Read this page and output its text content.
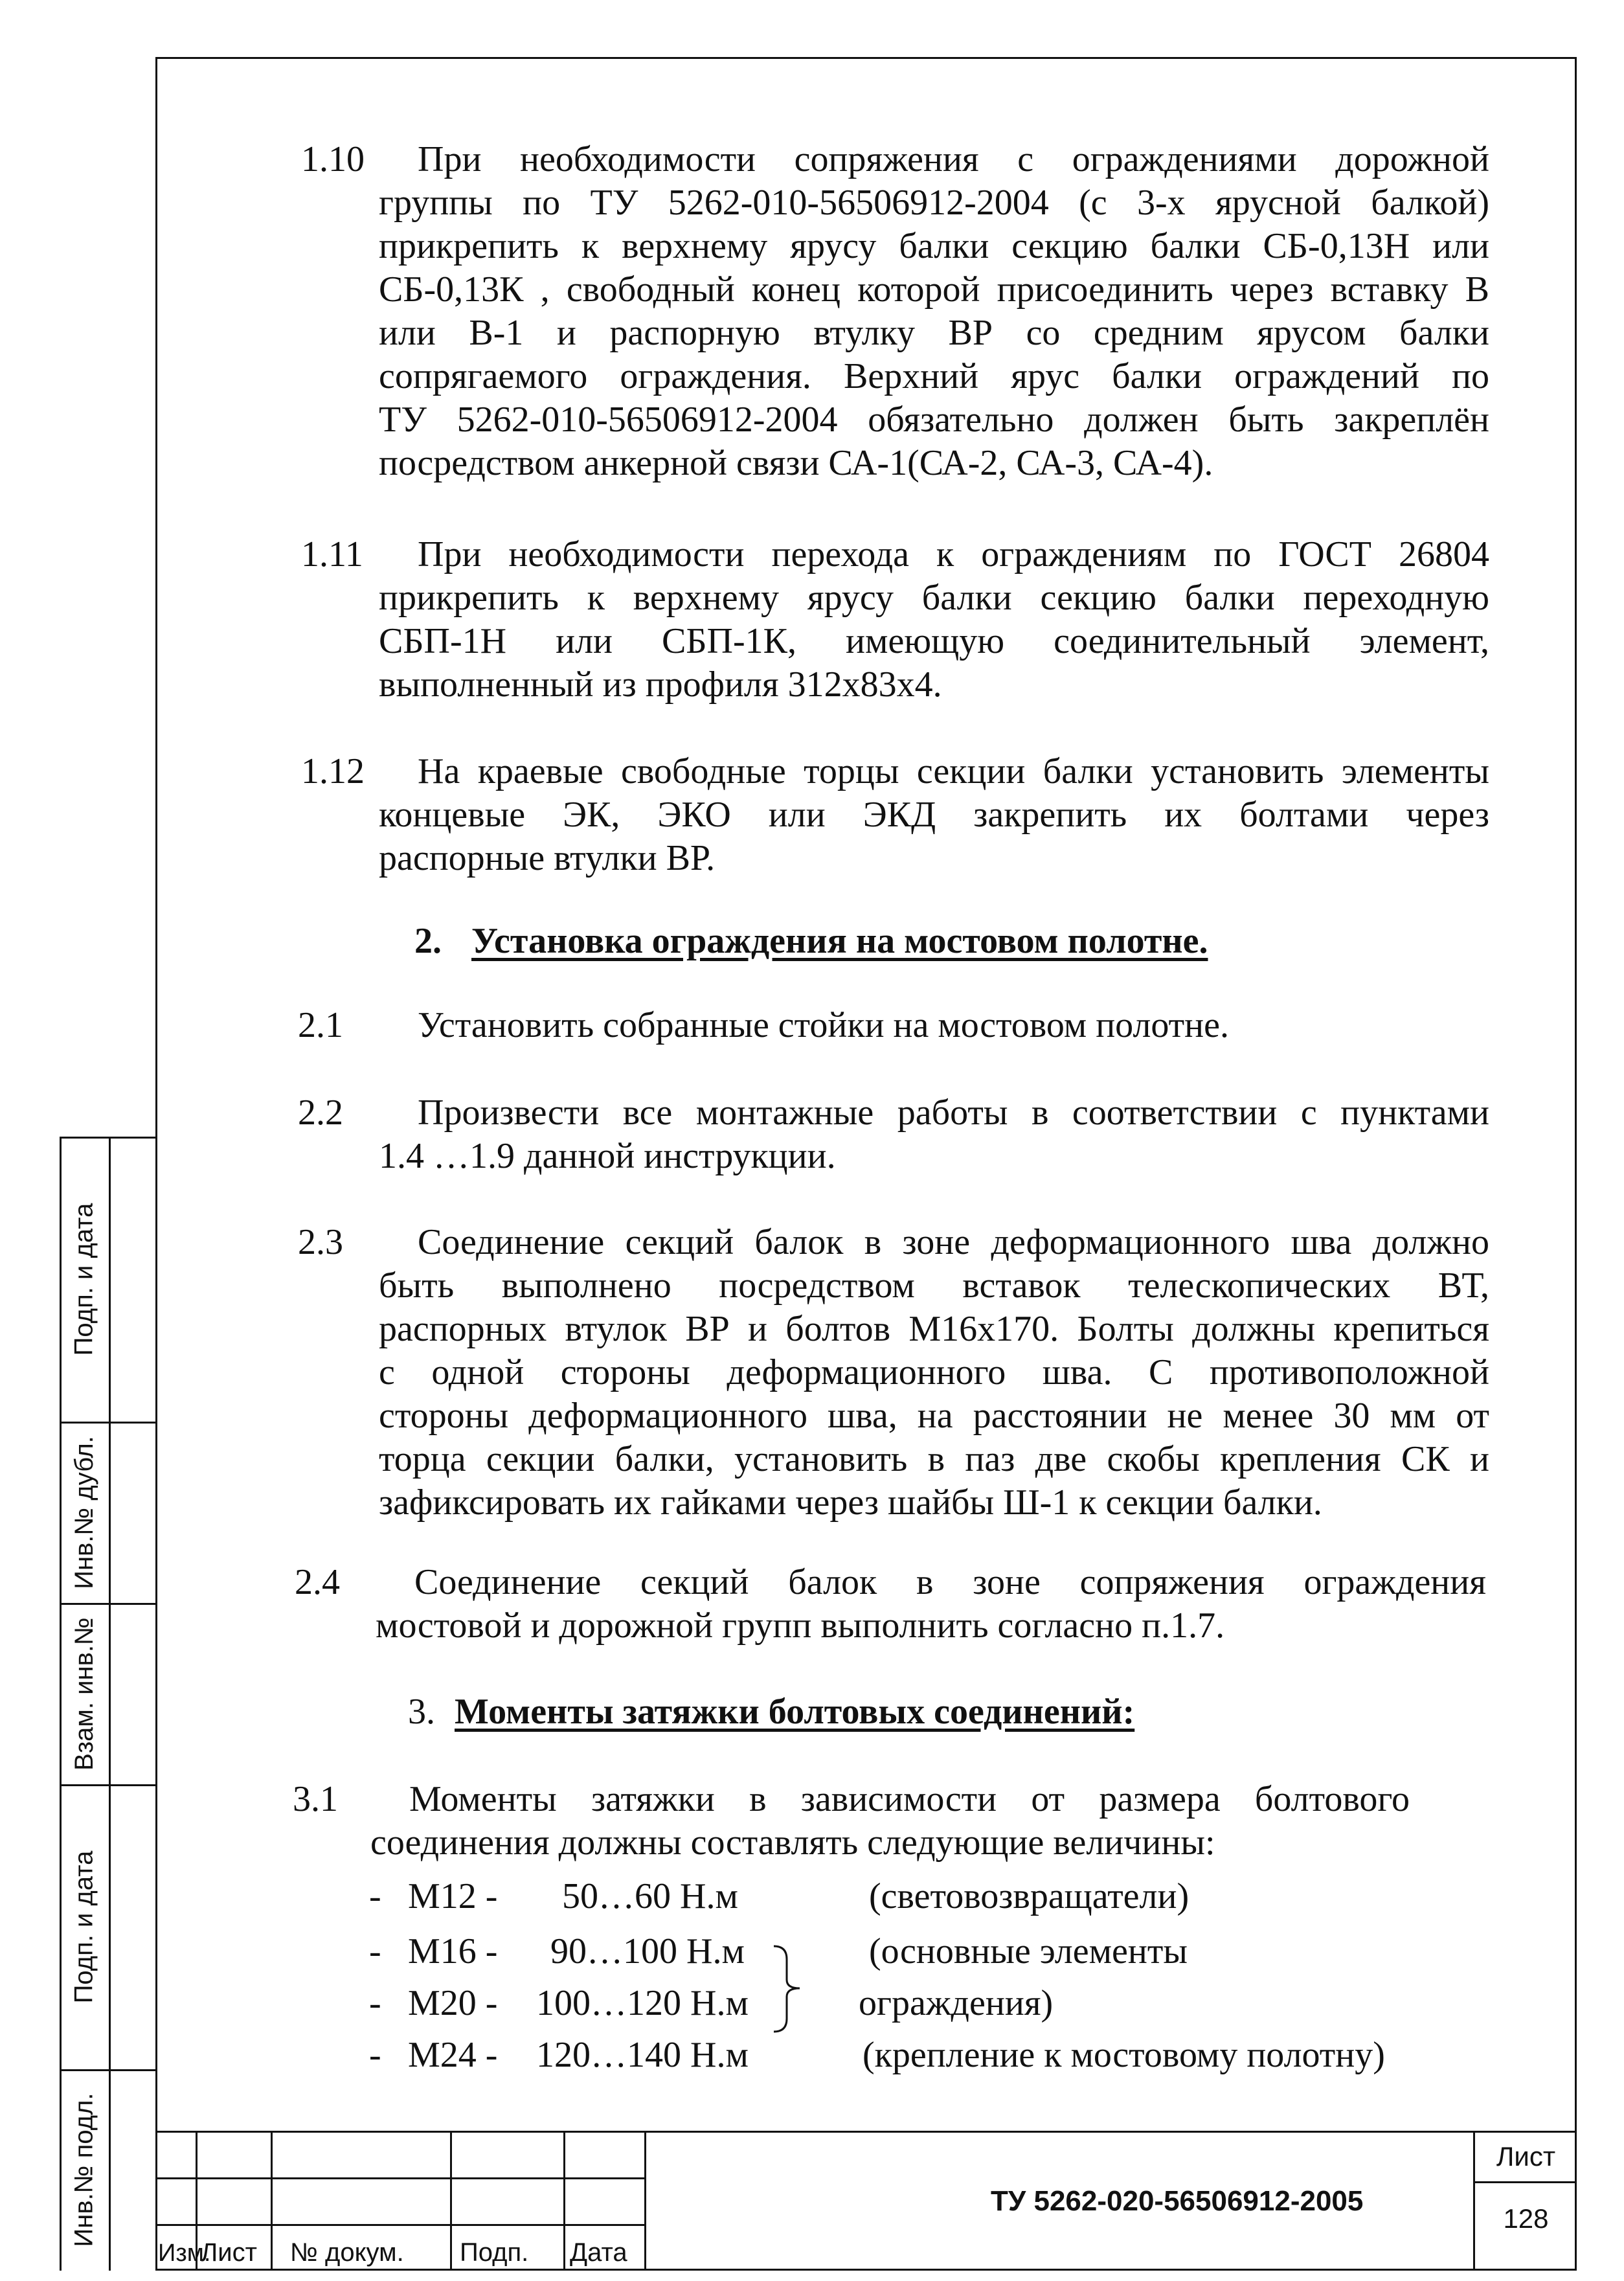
Подп. и дата
Инв.№ дубл.
Взам. инв.№
Подп. и дата
Инв.№ подл.
1.10 При необходимости сопряжения с ограждениями дорожной
группы по ТУ 5262-010-56506912-2004 (с 3-х ярусной балкой)
прикрепить к верхнему ярусу балки секцию балки СБ-0,13Н или
СБ-0,13К , свободный конец которой присоединить через вставку В
или В-1 и распорную втулку ВР со средним ярусом балки
сопрягаемого ограждения. Верхний ярус балки ограждений по
ТУ 5262-010-56506912-2004 обязательно должен быть закреплён
посредством анкерной связи СА-1(СА-2, СА-3, СА-4).
1.11 При необходимости перехода к ограждениям по ГОСТ 26804
прикрепить к верхнему ярусу балки секцию балки переходную
СБП-1Н или СБП-1К, имеющую соединительный элемент,
выполненный из профиля 312х83х4.
1.12 На краевые свободные торцы секции балки установить элементы
концевые ЭК, ЭКО или ЭКД закрепить их болтами через
распорные втулки ВР.
2. Установка ограждения на мостовом полотне.
2.1 Установить собранные стойки на мостовом полотне.
2.2 Произвести все монтажные работы в соответствии с пунктами
1.4 …1.9 данной инструкции.
2.3 Соединение секций балок в зоне деформационного шва должно
быть выполнено посредством вставок телескопических ВТ,
распорных втулок ВР и болтов М16х170. Болты должны крепиться
с одной стороны деформационного шва. С противоположной
стороны деформационного шва, на расстоянии не менее 30 мм от
торца секции балки, установить в паз две скобы крепления СК и
зафиксировать их гайками через шайбы Ш-1 к секции балки.
2.4 Соединение секций балок в зоне сопряжения ограждения
мостовой и дорожной групп выполнить согласно п.1.7.
3. Моменты затяжки болтовых соединений:
3.1 Моменты затяжки в зависимости от размера болтового
соединения должны составлять следующие величины:
- М12 - 50…60 Н.м	(световозвращатели)
- М16 - 90…100 Н.м	(основные элементы
- М20 - 100…120 Н.м	ограждения)
- М24 - 120…140 Н.м	(крепление к мостовому полотну)
Изм.
Лист № докум. Подп. Дата
ТУ 5262-020-56506912-2005
Лист
128
